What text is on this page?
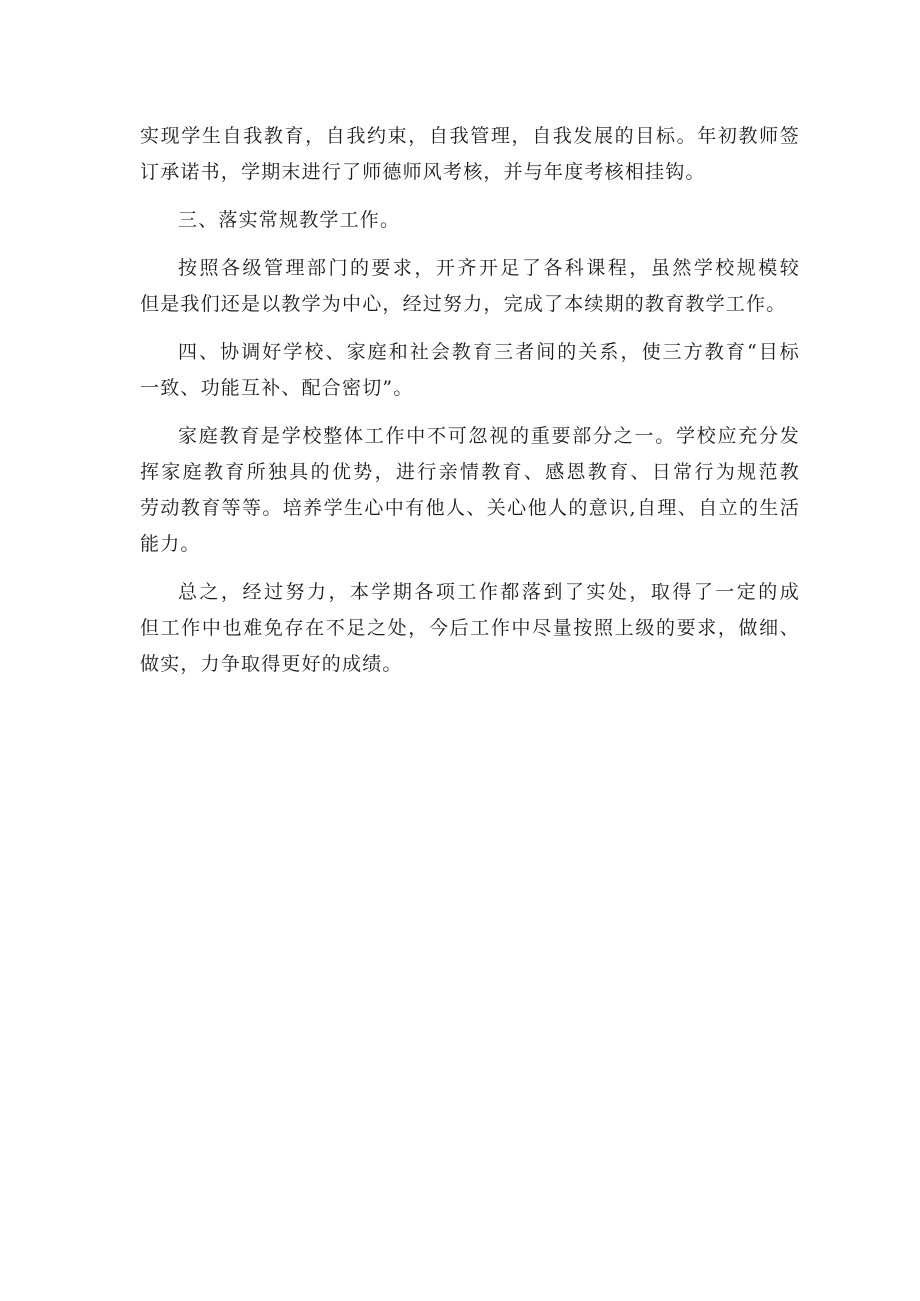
实现学生自我教育，自我约束，自我管理，自我发展的目标。年初教师签
订承诺书，学期末进行了师德师风考核，并与年度考核相挂钩。
三、落实常规教学工作。
按照各级管理部门的要求，开齐开足了各科课程，虽然学校规模较
但是我们还是以教学为中心，经过努力，完成了本续期的教育教学工作。
四、协调好学校、家庭和社会教育三者间的关系，使三方教育“目标
一致、功能互补、配合密切”。
家庭教育是学校整体工作中不可忽视的重要部分之一。学校应充分发
挥家庭教育所独具的优势，进行亲情教育、感恩教育、日常行为规范教
劳动教育等等。培养学生心中有他人、关心他人的意识,自理、自立的生活
能力。
总之，经过努力，本学期各项工作都落到了实处，取得了一定的成
但工作中也难免存在不足之处，今后工作中尽量按照上级的要求，做细、
做实，力争取得更好的成绩。
